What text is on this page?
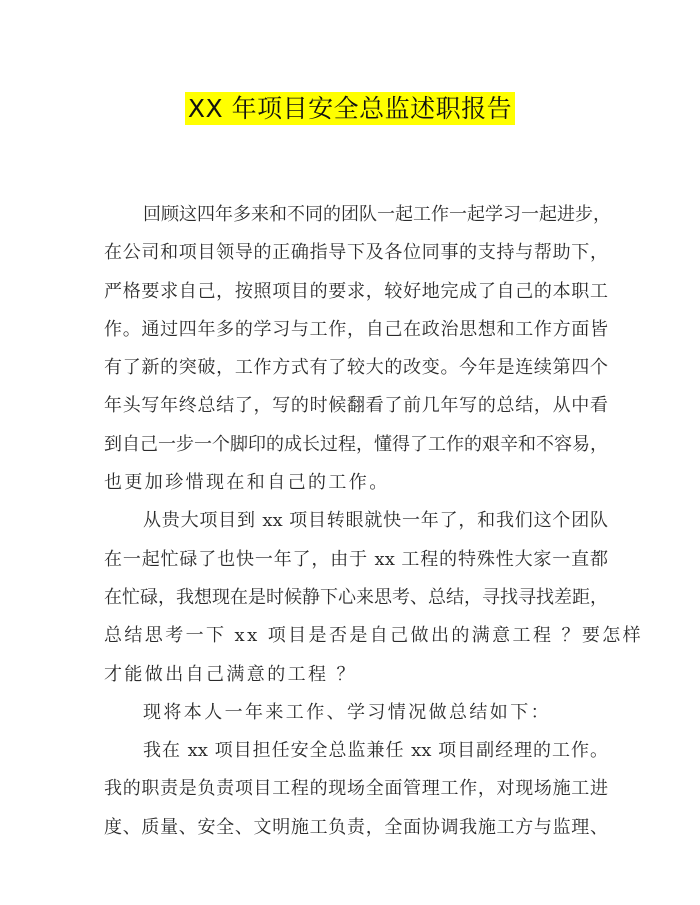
XX 年项目安全总监述职报告
回顾这四年多来和不同的团队一起工作一起学习一起进步，
在公司和项目领导的正确指导下及各位同事的支持与帮助下，
严格要求自己，按照项目的要求，较好地完成了自己的本职工
作。通过四年多的学习与工作，自己在政治思想和工作方面皆
有了新的突破，工作方式有了较大的改变。今年是连续第四个
年头写年终总结了，写的时候翻看了前几年写的总结，从中看
到自己一步一个脚印的成长过程，懂得了工作的艰辛和不容易，
也更加珍惜现在和自己的工作。
从贵大项目到 xx 项目转眼就快一年了，和我们这个团队
在一起忙碌了也快一年了，由于 xx 工程的特殊性大家一直都
在忙碌，我想现在是时候静下心来思考、总结，寻找寻找差距，
总结思考一下 xx 项目是否是自己做出的满意工程 ？要怎样
才能做出自己满意的工程 ？
现将本人一年来工作、学习情况做总结如下：
我在 xx 项目担任安全总监兼任 xx 项目副经理的工作。
我的职责是负责项目工程的现场全面管理工作，对现场施工进
度、质量、安全、文明施工负责，全面协调我施工方与监理、
